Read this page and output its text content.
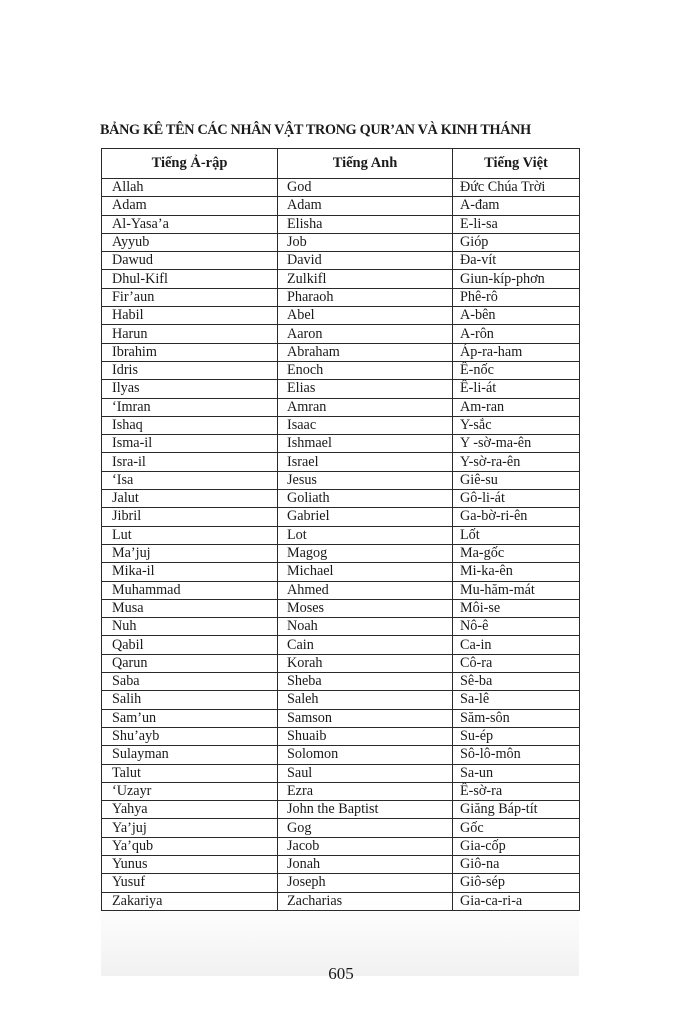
BẢNG KÊ TÊN CÁC NHÂN VẬT TRONG QUR’AN VÀ KINH THÁNH
Tiếng Ả-rập	Tiếng Anh	Tiếng Việt
Allah	God	Đức Chúa Trời
Adam	Adam	A-đam
Al-Yasa’a	Elisha	E-li-sa
Ayyub	Job	Gióp
Dawud	David	Đa-vít
Dhul-Kifl	Zulkifl	Giun-kíp-phơn
Fir’aun	Pharaoh	Phê-rô
Habil	Abel	A-bên
Harun	Aaron	A-rôn
Ibrahim	Abraham	Áp-ra-ham
Idris	Enoch	Ê-nốc
Ilyas	Elias	Ê-li-át
‘Imran	Amran	Am-ran
Ishaq	Isaac	Y-sắc
Isma-il	Ishmael	Y -sờ-ma-ên
Isra-il	Israel	Y-sờ-ra-ên
‘Isa	Jesus	Giê-su
Jalut	Goliath	Gô-li-át
Jibril	Gabriel	Ga-bờ-ri-ên
Lut	Lot	Lốt
Ma’juj	Magog	Ma-gốc
Mika-il	Michael	Mi-ka-ên
Muhammad	Ahmed	Mu-hăm-mát
Musa	Moses	Môi-se
Nuh	Noah	Nô-ê
Qabil	Cain	Ca-in
Qarun	Korah	Cô-ra
Saba	Sheba	Sê-ba
Salih	Saleh	Sa-lê
Sam’un	Samson	Săm-sôn
Shu’ayb	Shuaib	Su-ép
Sulayman	Solomon	Sô-lô-môn
Talut	Saul	Sa-un
‘Uzayr	Ezra	Ê-sờ-ra
Yahya	John the Baptist	Giăng Báp-tít
Ya’juj	Gog	Gốc
Ya’qub	Jacob	Gia-cốp
Yunus	Jonah	Giô-na
Yusuf	Joseph	Giô-sép
Zakariya	Zacharias	Gia-ca-ri-a
605
